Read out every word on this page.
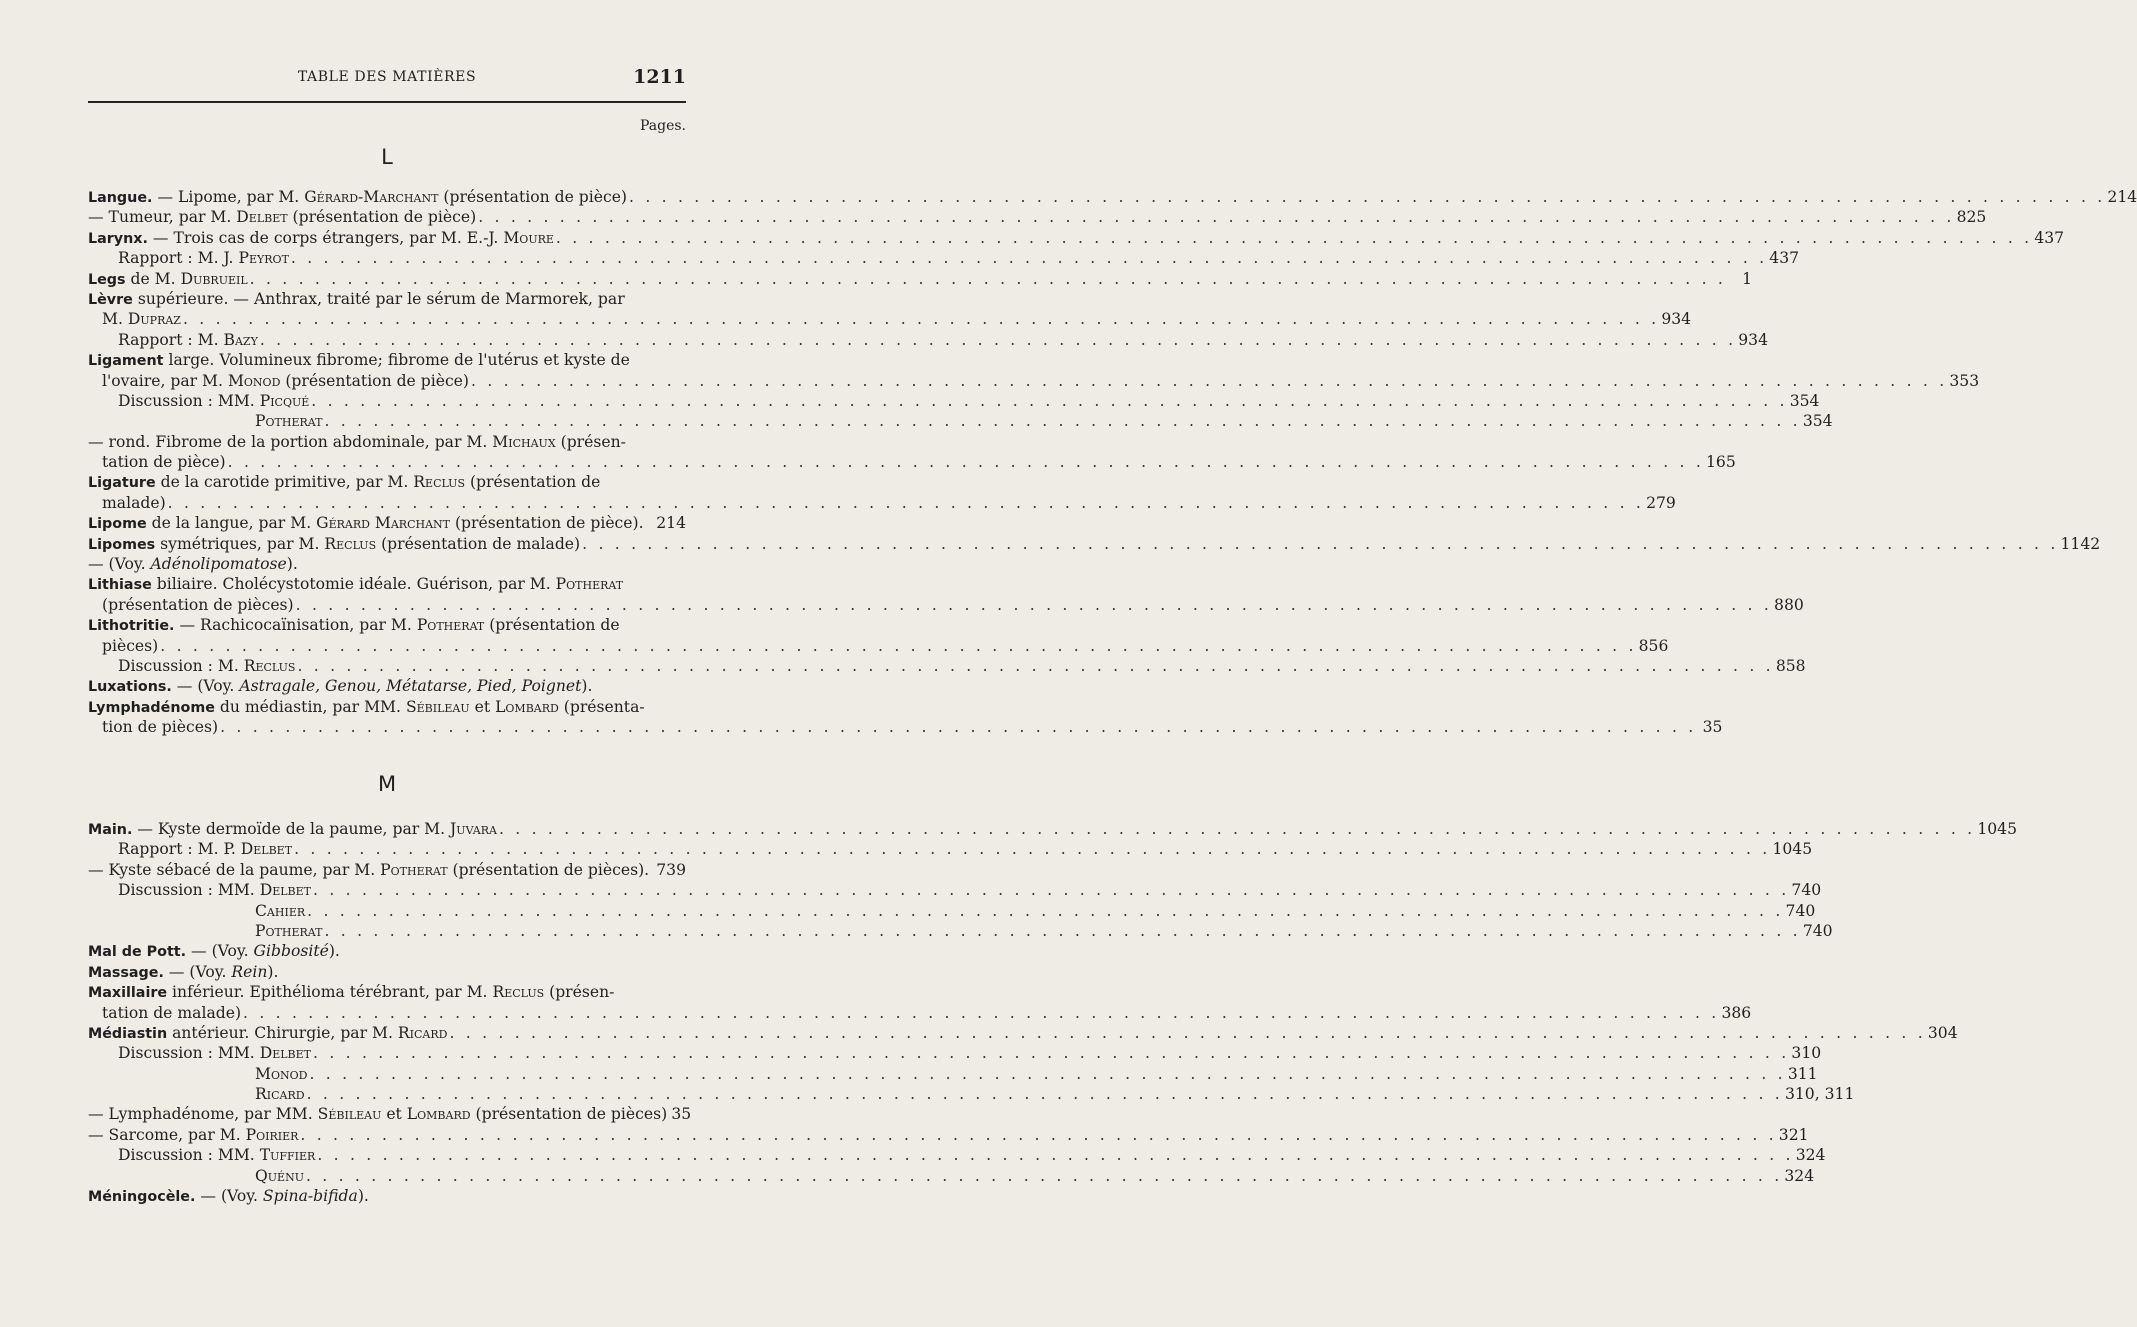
TABLE DES MATIÈRES	1211
Pages.
L
Langue. — Lipome, par M. Gérard-Marchant (présentation de pièce) . . .	214
— Tumeur, par M. Delbet (présentation de pièce) . . .	825
Larynx. — Trois cas de corps étrangers, par M. E.-J. Moure . . .	437
Rapport : M. J. Peyrot . . .	437
Legs de M. Dubrueil . . .	1
Lèvre supérieure. — Anthrax, traité par le sérum de Marmorek, par
M. Dupraz . . .	934
Rapport : M. Bazy . . .	934
Ligament large. Volumineux fibrome; fibrome de l'utérus et kyste de
l'ovaire, par M. Monod (présentation de pièce) . . .	353
Discussion : MM. Picqué . . .	354
Potherat . . .	354
— rond. Fibrome de la portion abdominale, par M. Michaux (présen-
tation de pièce) . . .	165
Ligature de la carotide primitive, par M. Reclus (présentation de
malade) . . .	279
Lipome de la langue, par M. Gérard Marchant (présentation de pièce). 214
Lipomes symétriques, par M. Reclus (présentation de malade) . . .	1142
— (Voy. Adénolipomatose).
Lithiase biliaire. Cholécystotomie idéale. Guérison, par M. Potherat
(présentation de pièces) . . .	880
Lithotritie. — Rachicocaïnisation, par M. Potherat (présentation de
pièces) . . .	856
Discussion : M. Reclus . . .	858
Luxations. — (Voy. Astragale, Genou, Métatarse, Pied, Poignet).
Lymphadénome du médiastin, par MM. Sébileau et Lombard (présenta-
tion de pièces) . . .	35
M
Main. — Kyste dermoïde de la paume, par M. Juvara . . .	1045
Rapport : M. P. Delbet . . .	1045
— Kyste sébacé de la paume, par M. Potherat (présentation de pièces). 739
Discussion : MM. Delbet . . .	740
Cahier . . .	740
Potherat . . .	740
Mal de Pott. — (Voy. Gibbosité).
Massage. — (Voy. Rein).
Maxillaire inférieur. Epithélioma térébrant, par M. Reclus (présen-
tation de malade) . . .	386
Médiastin antérieur. Chirurgie, par M. Ricard . . .	304
Discussion : MM. Delbet . . .	310
Monod . . .	311
Ricard . . .	310, 311
— Lymphadénome, par MM. Sébileau et Lombard (présentation de pièces) 35
— Sarcome, par M. Poirier . . .	321
Discussion : MM. Tuffier . . .	324
Quénu . . .	324
Méningocèle. — (Voy. Spina-bifida).
